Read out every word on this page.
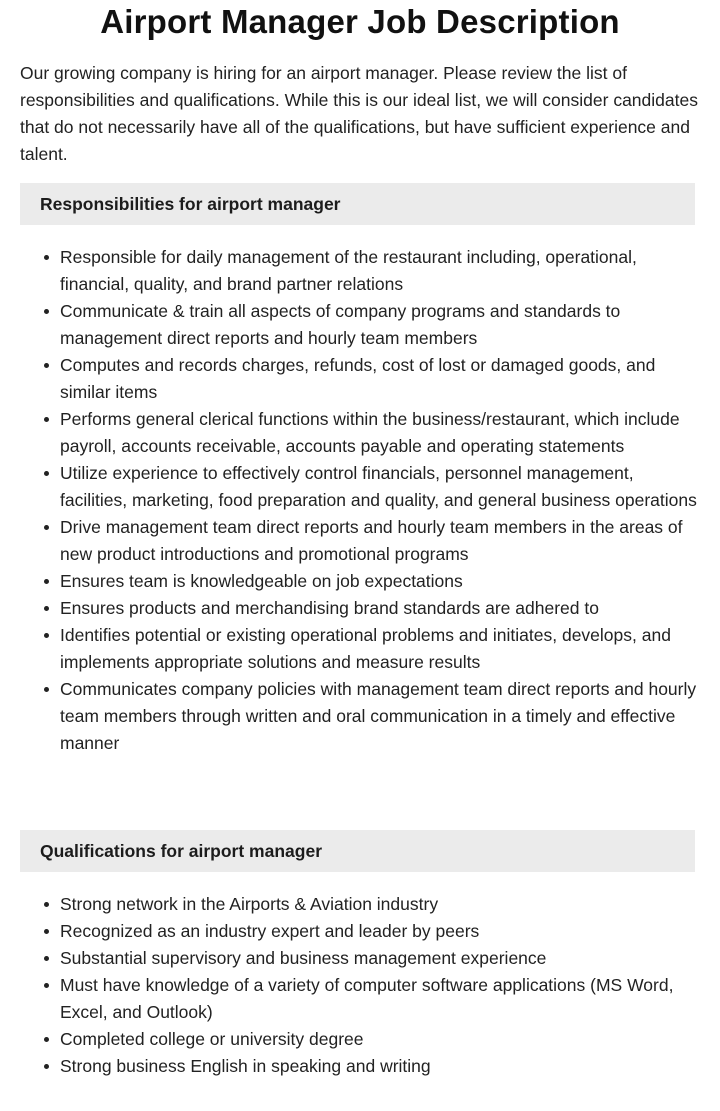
Airport Manager Job Description

Our growing company is hiring for an airport manager. Please review the list of responsibilities and qualifications. While this is our ideal list, we will consider candidates that do not necessarily have all of the qualifications, but have sufficient experience and talent.

Responsibilities for airport manager
Responsible for daily management of the restaurant including, operational, financial, quality, and brand partner relations
Communicate & train all aspects of company programs and standards to management direct reports and hourly team members
Computes and records charges, refunds, cost of lost or damaged goods, and similar items
Performs general clerical functions within the business/restaurant, which include payroll, accounts receivable, accounts payable and operating statements
Utilize experience to effectively control financials, personnel management, facilities, marketing, food preparation and quality, and general business operations
Drive management team direct reports and hourly team members in the areas of new product introductions and promotional programs
Ensures team is knowledgeable on job expectations
Ensures products and merchandising brand standards are adhered to
Identifies potential or existing operational problems and initiates, develops, and implements appropriate solutions and measure results
Communicates company policies with management team direct reports and hourly team members through written and oral communication in a timely and effective manner
Qualifications for airport manager
Strong network in the Airports & Aviation industry
Recognized as an industry expert and leader by peers
Substantial supervisory and business management experience
Must have knowledge of a variety of computer software applications (MS Word, Excel, and Outlook)
Completed college or university degree
Strong business English in speaking and writing
